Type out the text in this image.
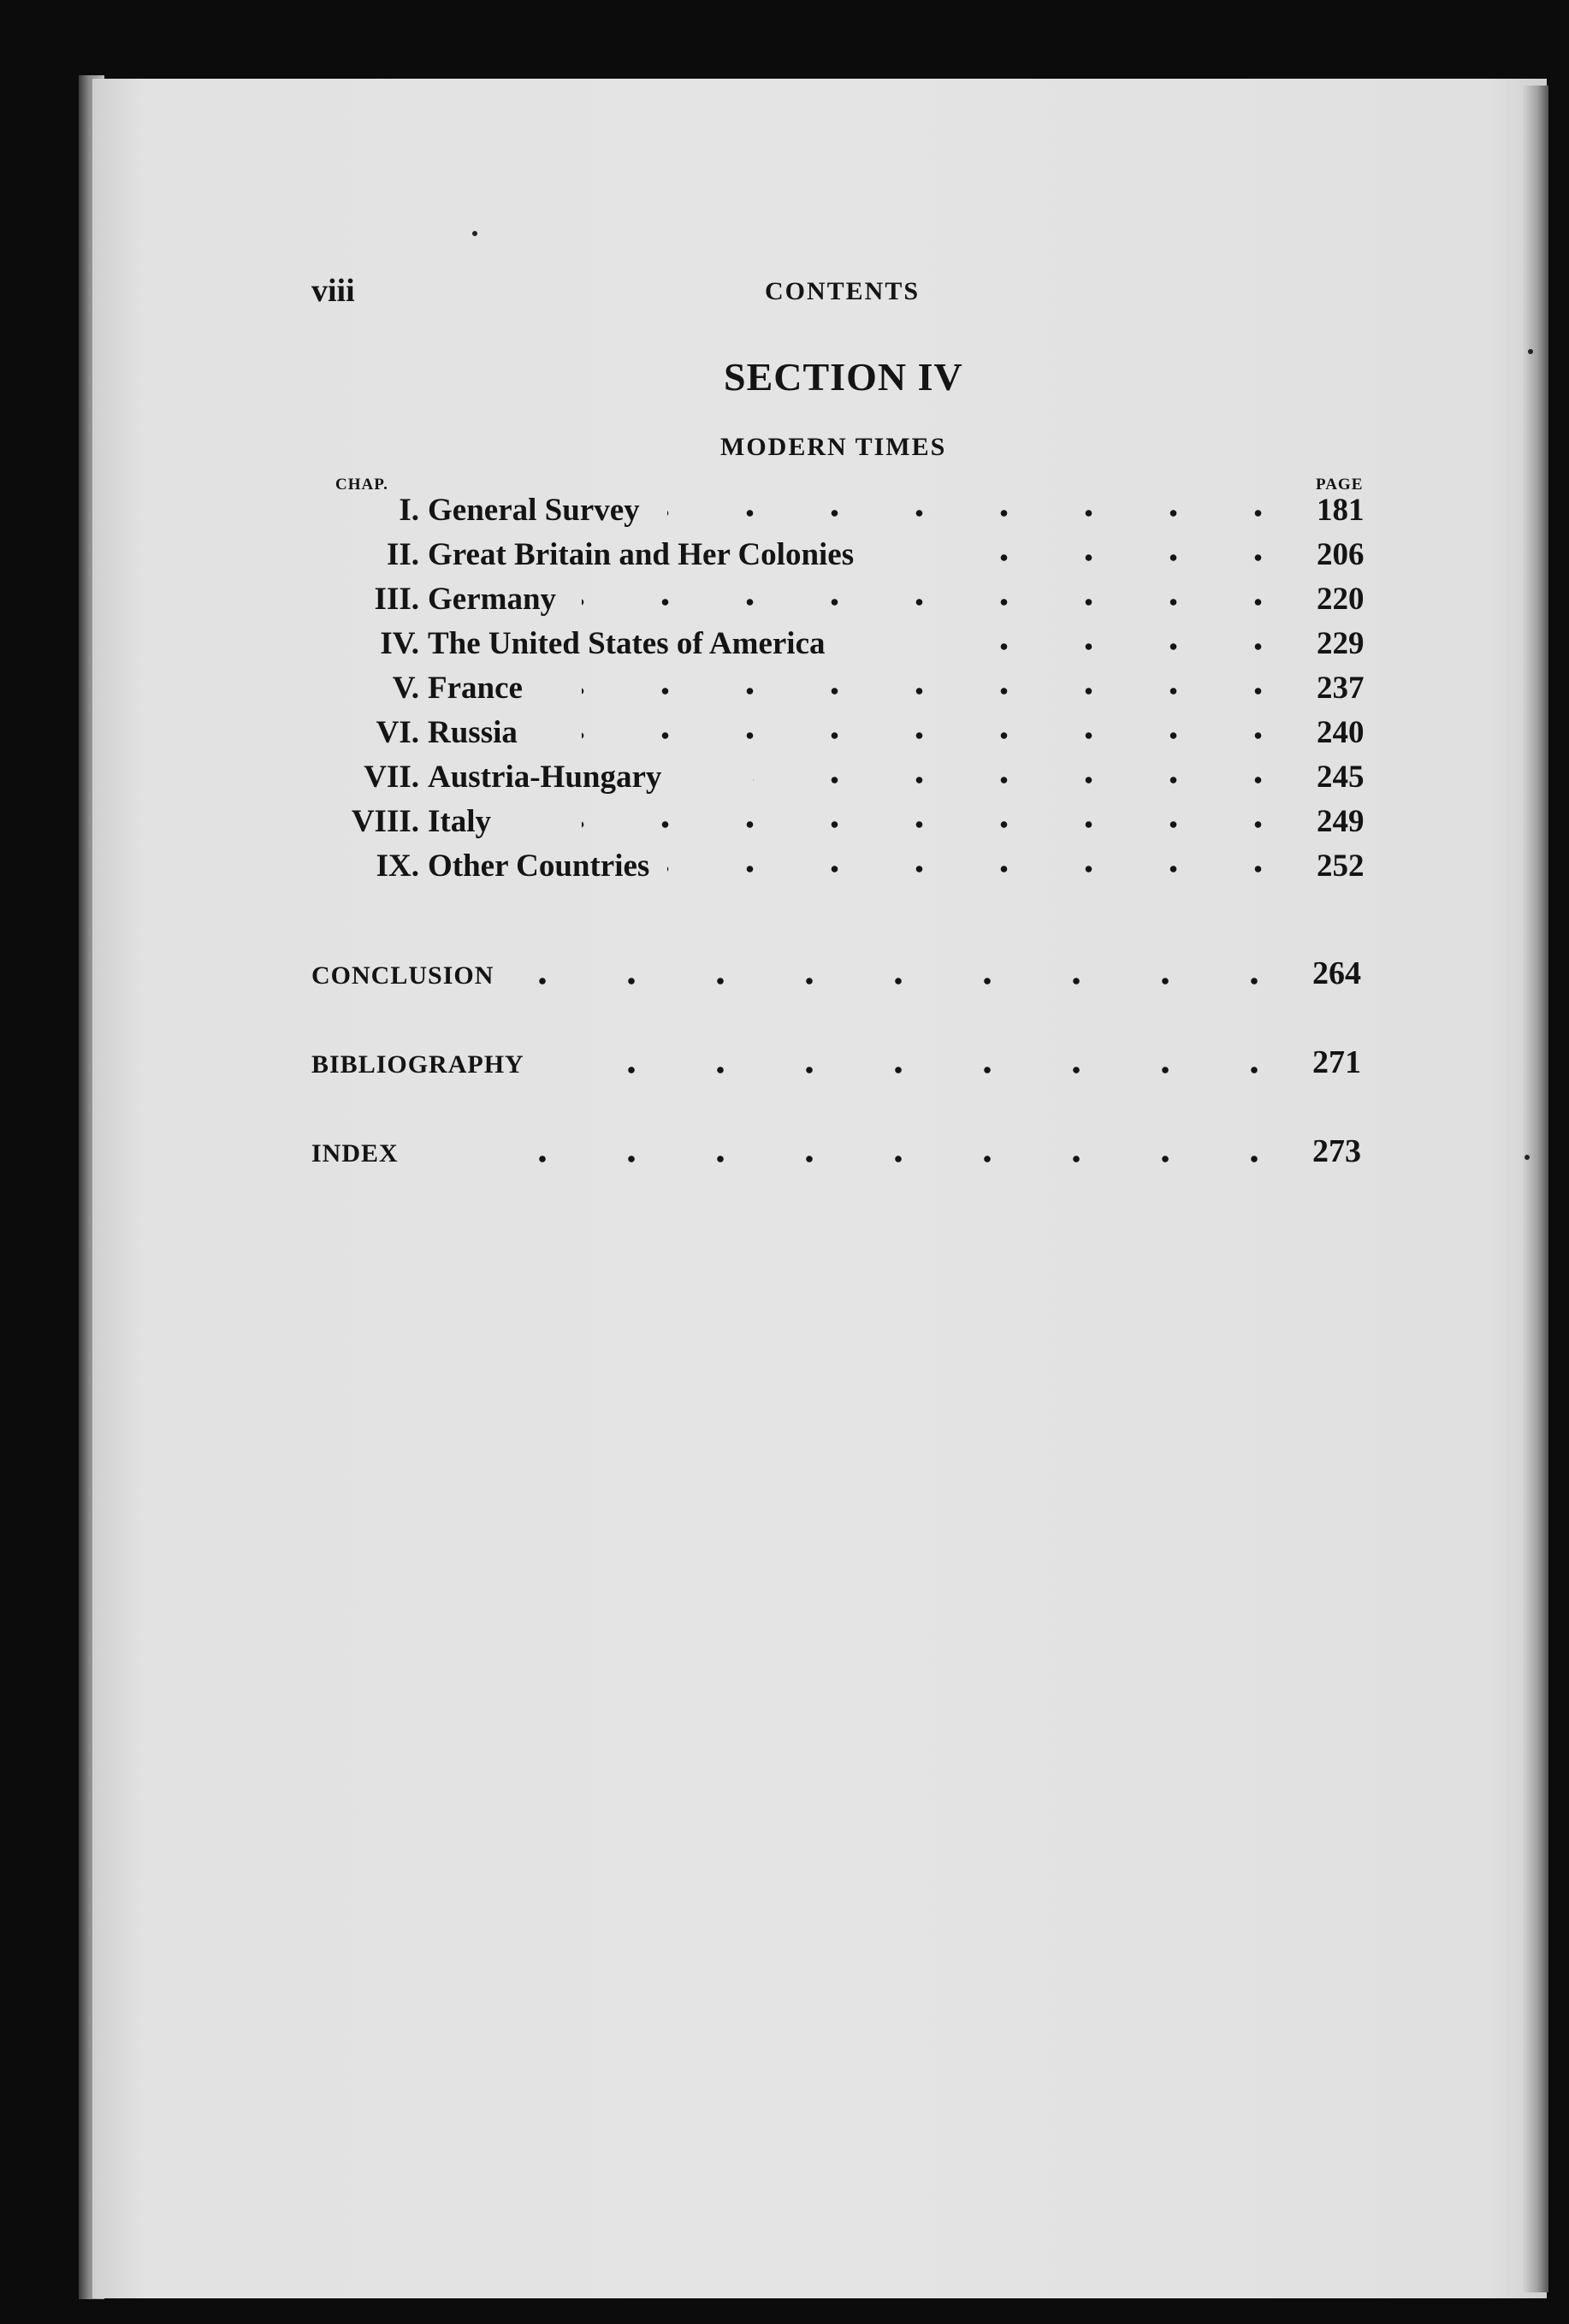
viii	CONTENTS
SECTION IV
MODERN TIMES
CHAP.	PAGE
I. General Survey	181
II. Great Britain and Her Colonies	206
III. Germany	220
IV. The United States of America	229
V. France	237
VI. Russia	240
VII. Austria-Hungary	245
VIII. Italy	249
IX. Other Countries	252
CONCLUSION	264
BIBLIOGRAPHY	271
INDEX	273
